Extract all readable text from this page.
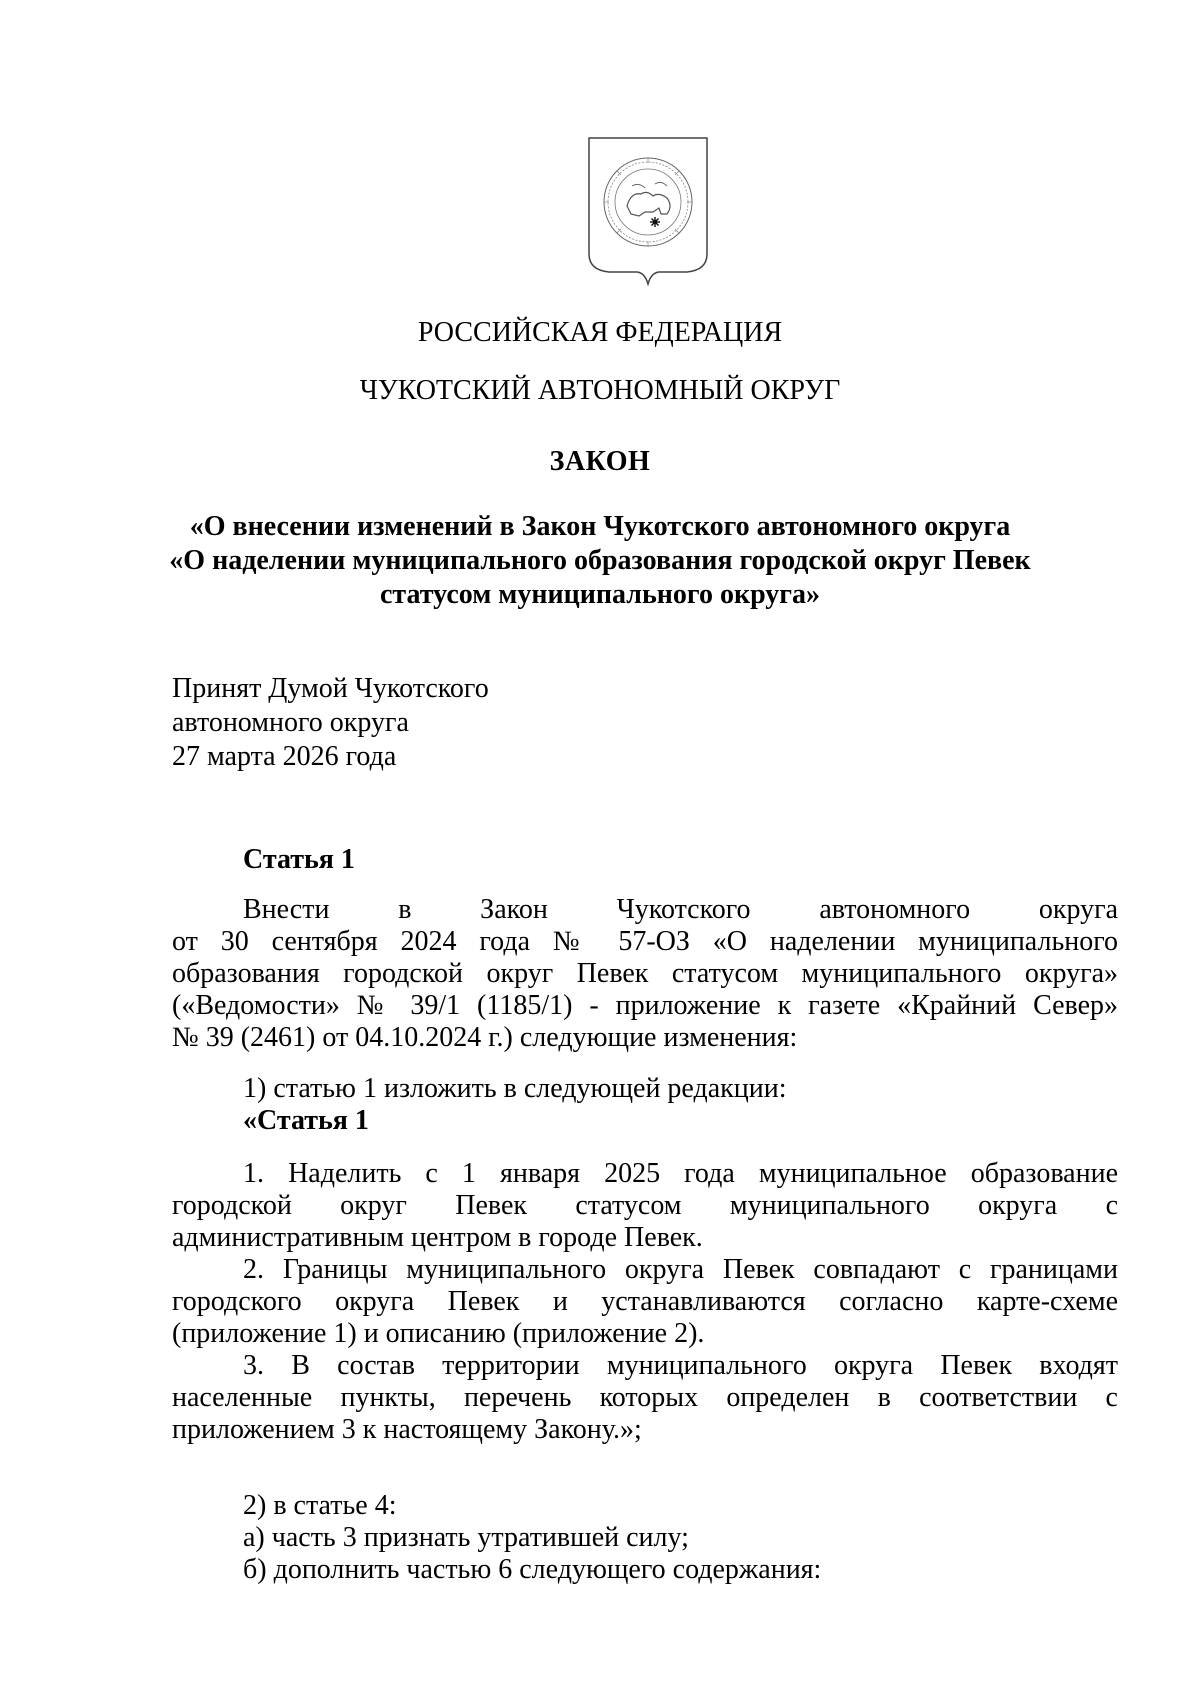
РОССИЙСКАЯ ФЕДЕРАЦИЯ
ЧУКОТСКИЙ АВТОНОМНЫЙ ОКРУГ
ЗАКОН
«О внесении изменений в Закон Чукотского автономного округа
«О наделении муниципального образования городской округ Певек
статусом муниципального округа»
Принят Думой Чукотского
автономного округа
27 марта 2026 года
Статья 1
Внести в Закон Чукотского автономного округа
от 30 сентября 2024 года № 57-ОЗ «О наделении муниципального
образования городской округ Певек статусом муниципального округа»
(«Ведомости» № 39/1 (1185/1) - приложение к газете «Крайний Север»
№ 39 (2461) от 04.10.2024 г.) следующие изменения:
1) статью 1 изложить в следующей редакции:
«Статья 1
1. Наделить с 1 января 2025 года муниципальное образование
городской округ Певек статусом муниципального округа с
административным центром в городе Певек.
2. Границы муниципального округа Певек совпадают с границами
городского округа Певек и устанавливаются согласно карте-схеме
(приложение 1) и описанию (приложение 2).
3. В состав территории муниципального округа Певек входят
населенные пункты, перечень которых определен в соответствии с
приложением 3 к настоящему Закону.»;
2) в статье 4:
а) часть 3 признать утратившей силу;
б) дополнить частью 6 следующего содержания:
